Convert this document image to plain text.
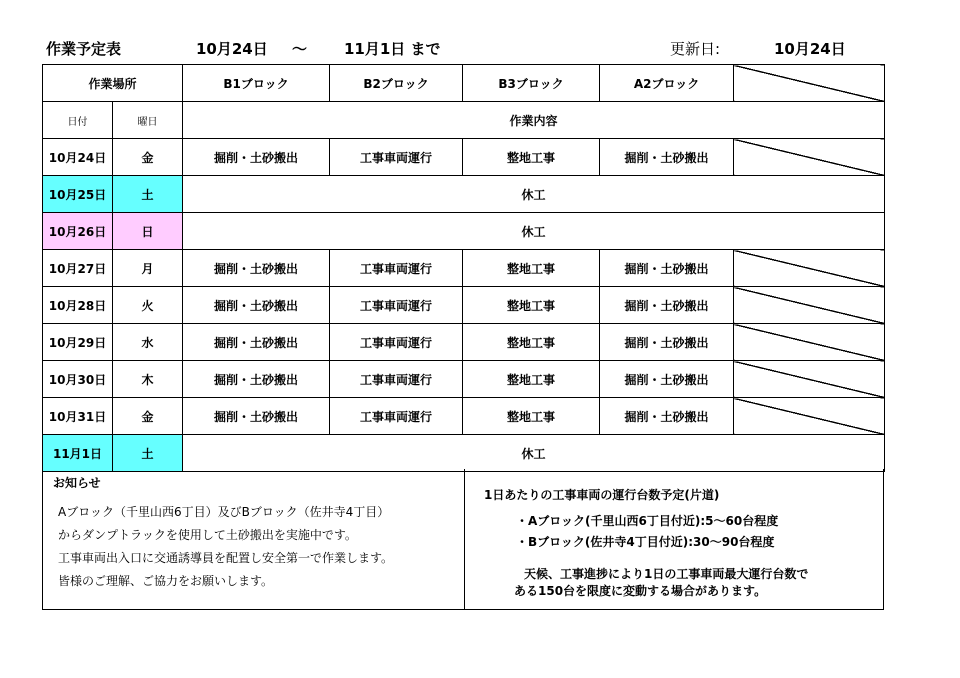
作業予定表	10月24日 ～ 11月1日 まで	更新日:	10月24日
作業場所		B1ブロック	B2ブロック	B3ブロック	A2ブロック	
日付	曜日	作業内容				
10月24日	金	掘削・土砂搬出	工事車両運行	整地工事	掘削・土砂搬出	
10月25日	土	休工				
10月26日	日	休工				
10月27日	月	掘削・土砂搬出	工事車両運行	整地工事	掘削・土砂搬出	
10月28日	火	掘削・土砂搬出	工事車両運行	整地工事	掘削・土砂搬出	
10月29日	水	掘削・土砂搬出	工事車両運行	整地工事	掘削・土砂搬出	
10月30日	木	掘削・土砂搬出	工事車両運行	整地工事	掘削・土砂搬出	
10月31日	金	掘削・土砂搬出	工事車両運行	整地工事	掘削・土砂搬出	
11月1日	土	休工				
お知らせ
Aブロック（千里山西6丁目）及びBブロック（佐井寺4丁目）
からダンプトラックを使用して土砂搬出を実施中です。
工事車両出入口に交通誘導員を配置し安全第一で作業します。
皆様のご理解、ご協力をお願いします。
1日あたりの工事車両の運行台数予定(片道)
・Aブロック(千里山西6丁目付近):5～60台程度
・Bブロック(佐井寺4丁目付近):30～90台程度
天候、工事進捗により1日の工事車両最大運行台数で
ある150台を限度に変動する場合があります。
